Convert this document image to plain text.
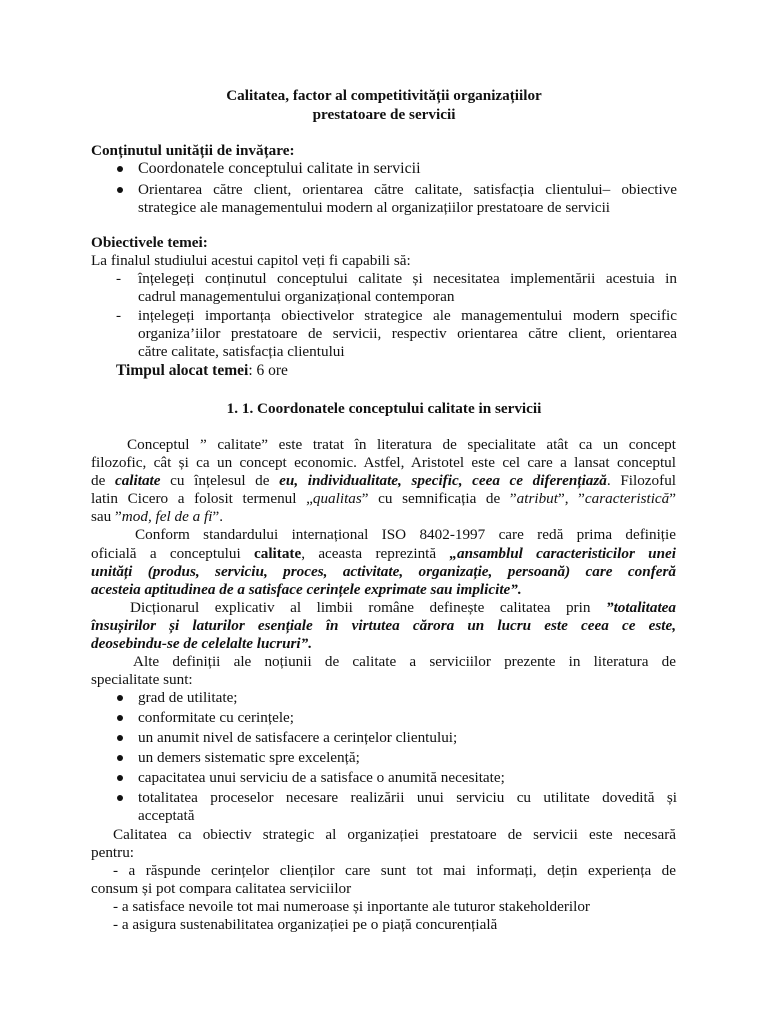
Calitatea, factor al competitivității organizațiilor
prestatoare de servicii
Conținutul unității de invățare:
Coordonatele conceptului calitate in servicii
Orientarea către client, orientarea către calitate, satisfacția clientului– obiective
strategice ale managementului modern al organizațiilor prestatoare de servicii
Obiectivele temei:
La finalul studiului acestui capitol veți fi capabili să:
- înțelegeți conținutul conceptului calitate și necesitatea implementării acestuia in
cadrul managementului organizațional contemporan
- ințelegeți importanța obiectivelor strategice ale managementului modern specific
organiza’iilor prestatoare de servicii, respectiv orientarea către client, orientarea
către calitate, satisfacția clientului
Timpul alocat temei: 6 ore
1. 1. Coordonatele conceptului calitate in servicii
Conceptul ” calitate” este tratat în literatura de specialitate atât ca un concept
filozofic, cât și ca un concept economic. Astfel, Aristotel este cel care a lansat conceptul
de calitate cu înțelesul de eu, individualitate, specific, ceea ce diferențiază. Filozoful
latin Cicero a folosit termenul „qualitas” cu semnificația de ”atribut”, ”caracteristică”
sau ”mod, fel de a fi”.
Conform standardului internațional ISO 8402-1997 care redă prima definiție
oficială a conceptului calitate, aceasta reprezintă „ansamblul caracteristicilor unei
unități (produs, serviciu, proces, activitate, organizație, persoană) care conferă
acesteia aptitudinea de a satisface cerințele exprimate sau implicite”.
Dicționarul explicativ al limbii române definește calitatea prin ”totalitatea
însușirilor și laturilor esențiale în virtutea cărora un lucru este ceea ce este,
deosebindu-se de celelalte lucruri”.
Alte definiții ale noțiunii de calitate a serviciilor prezente in literatura de
specialitate sunt:
grad de utilitate;
conformitate cu cerințele;
un anumit nivel de satisfacere a cerințelor clientului;
un demers sistematic spre excelență;
capacitatea unui serviciu de a satisface o anumită necesitate;
totalitatea proceselor necesare realizării unui serviciu cu utilitate dovedită și
acceptată
Calitatea ca obiectiv strategic al organizației prestatoare de servicii este necesară
pentru:
- a răspunde cerințelor clienților care sunt tot mai informați, dețin experiența de
consum și pot compara calitatea serviciilor
- a satisface nevoile tot mai numeroase și inportante ale tuturor stakeholderilor
- a asigura sustenabilitatea organizației pe o piață concurențială
